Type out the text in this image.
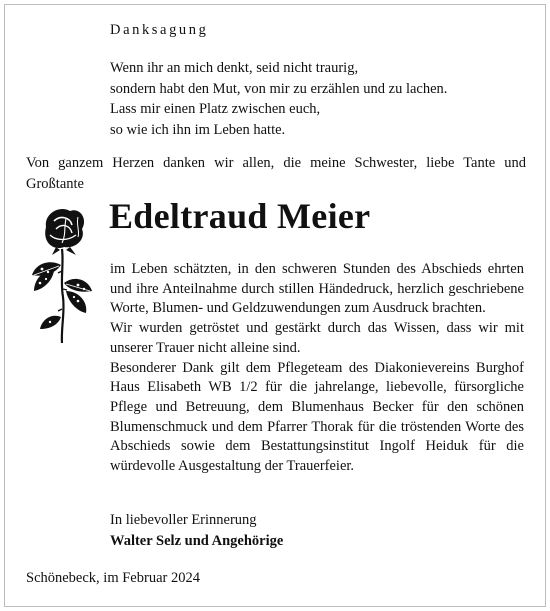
Danksagung
Wenn ihr an mich denkt, seid nicht traurig,
sondern habt den Mut, von mir zu erzählen und zu lachen.
Lass mir einen Platz zwischen euch,
so wie ich ihn im Leben hatte.

Von ganzem Herzen danken wir allen, die meine Schwester, liebe Tante und Großtante

Edeltraud Meier

im Leben schätzten, in den schweren Stunden des Abschieds ehrten und ihre Anteilnahme durch stillen Händedruck, herzlich geschriebene Worte, Blumen- und Geldzuwendungen zum Ausdruck brachten.

Wir wurden getröstet und gestärkt durch das Wissen, dass wir mit unserer Trauer nicht alleine sind.

Besonderer Dank gilt dem Pflegeteam des Diakonievereins Burghof Haus Elisabeth WB 1/2 für die jahrelange, liebevolle, fürsorgliche Pflege und Betreuung, dem Blumenhaus Becker für den schönen Blumenschmuck und dem Pfarrer Thorak für die tröstenden Worte des Abschieds sowie dem Bestattungsinstitut Ingolf Heiduk für die würdevolle Ausgestaltung der Trauerfeier.

In liebevoller Erinnerung
Walter Selz und Angehörige
Schönebeck, im Februar 2024
